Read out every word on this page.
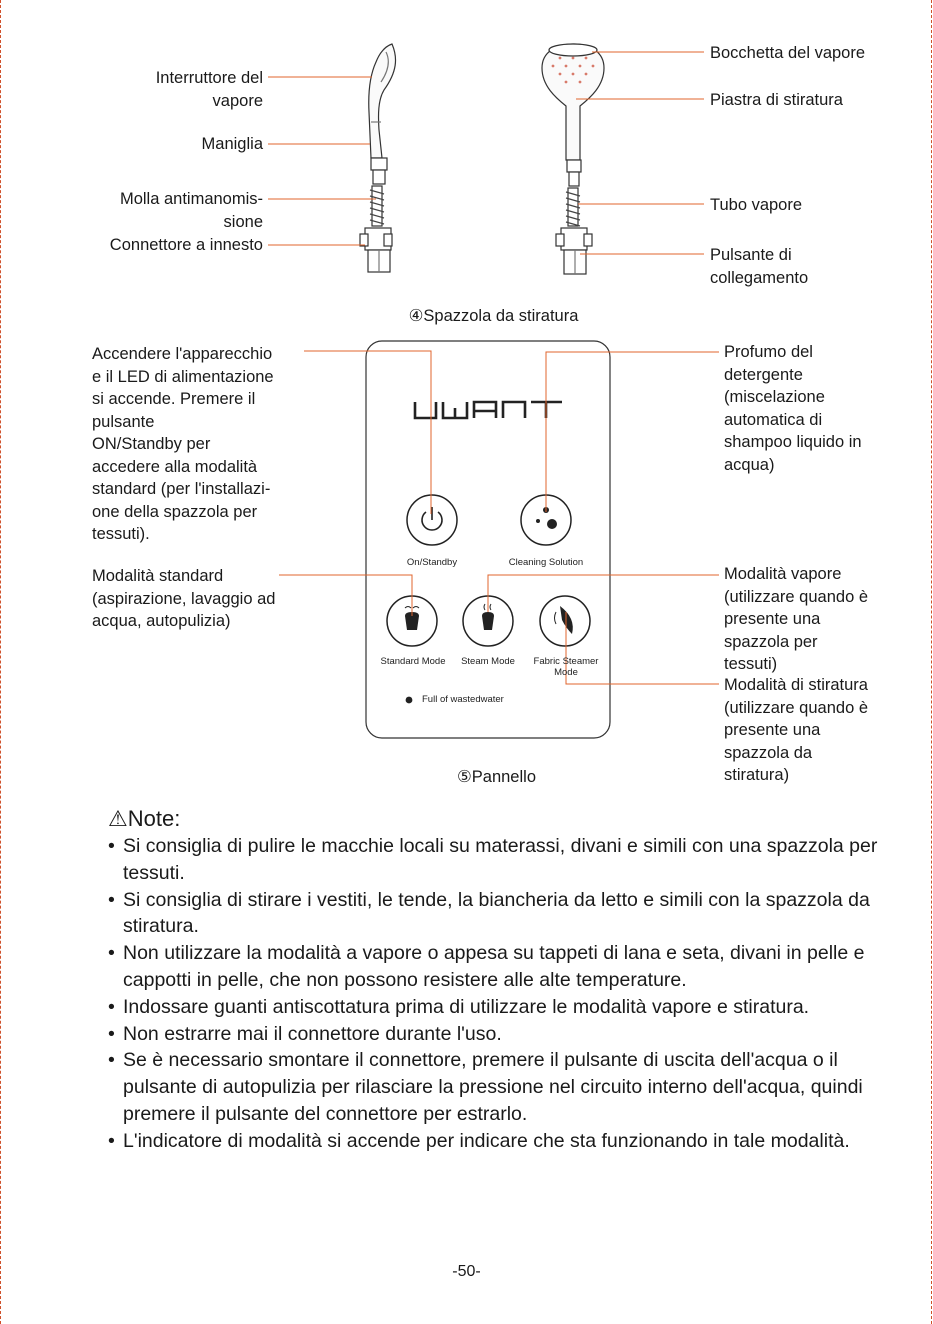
Interruttore del
vapore
Maniglia
Molla antimanomis-
sione
Connettore a innesto
Bocchetta del vapore
Piastra di stiratura
Tubo vapore
Pulsante di
collegamento
④Spazzola da stiratura
Accendere l'apparecchio
e il LED di alimentazione
si accende. Premere il
pulsante
ON/Standby per
accedere alla modalità
standard (per l'installazi-
one della spazzola per
tessuti).
Modalità standard
(aspirazione, lavaggio ad
acqua, autopulizia)
Profumo del
detergente
(miscelazione
automatica di
shampoo liquido in
acqua)
Modalità vapore
(utilizzare quando è
presente una
spazzola per
tessuti)
Modalità di stiratura
(utilizzare quando è
presente una
spazzola da
stiratura)
On/Standby	Cleaning Solution
Standard Mode	Steam Mode	Fabric Steamer
Mode
Full of wastedwater
⑤Pannello
⚠Note:
• Si consiglia di pulire le macchie locali su materassi, divani e simili con una spazzola per tessuti.
• Si consiglia di stirare i vestiti, le tende, la biancheria da letto e simili con la spazzola da stiratura.
• Non utilizzare la modalità a vapore o appesa su tappeti di lana e seta, divani in pelle e cappotti in pelle, che non possono resistere alle alte temperature.
• Indossare guanti antiscottatura prima di utilizzare le modalità vapore e stiratura.
• Non estrarre mai il connettore durante l'uso.
• Se è necessario smontare il connettore, premere il pulsante di uscita dell'acqua o il pulsante di autopulizia per rilasciare la pressione nel circuito interno dell'acqua, quindi premere il pulsante del connettore per estrarlo.
• L'indicatore di modalità si accende per indicare che sta funzionando in tale modalità.
-50-
